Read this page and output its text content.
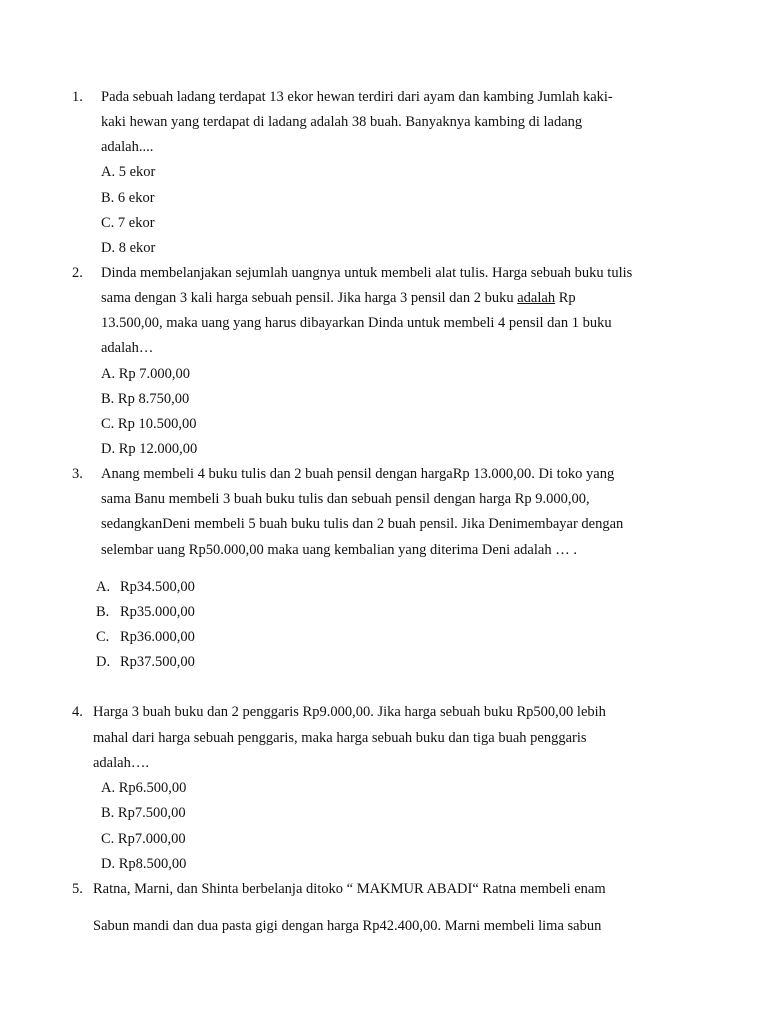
1. Pada sebuah ladang terdapat 13 ekor hewan terdiri dari ayam dan kambing Jumlah kaki-
kaki hewan yang terdapat di ladang adalah 38 buah. Banyaknya kambing di ladang
adalah....
A. 5 ekor
B. 6 ekor
C. 7 ekor
D. 8 ekor
2. Dinda membelanjakan sejumlah uangnya untuk membeli alat tulis. Harga sebuah buku tulis
sama dengan 3 kali harga sebuah pensil. Jika harga 3 pensil dan 2 buku adalah Rp
13.500,00, maka uang yang harus dibayarkan Dinda untuk membeli 4 pensil dan 1 buku
adalah…
A. Rp 7.000,00
B. Rp 8.750,00
C. Rp 10.500,00
D. Rp 12.000,00
3. Anang membeli 4 buku tulis dan 2 buah pensil dengan hargaRp 13.000,00. Di toko yang
sama Banu membeli 3 buah buku tulis dan sebuah pensil dengan harga Rp 9.000,00,
sedangkanDeni membeli 5 buah buku tulis dan 2 buah pensil. Jika Denimembayar dengan
selembar uang Rp50.000,00 maka uang kembalian yang diterima Deni adalah … .
A. Rp34.500,00
B. Rp35.000,00
C. Rp36.000,00
D. Rp37.500,00
4. Harga 3 buah buku dan 2 penggaris Rp9.000,00. Jika harga sebuah buku Rp500,00 lebih
mahal dari harga sebuah penggaris, maka harga sebuah buku dan tiga buah penggaris
adalah….
A. Rp6.500,00
B. Rp7.500,00
C. Rp7.000,00
D. Rp8.500,00
5. Ratna, Marni, dan Shinta berbelanja ditoko “ MAKMUR ABADI“ Ratna membeli enam
Sabun mandi dan dua pasta gigi dengan harga Rp42.400,00. Marni membeli lima sabun
